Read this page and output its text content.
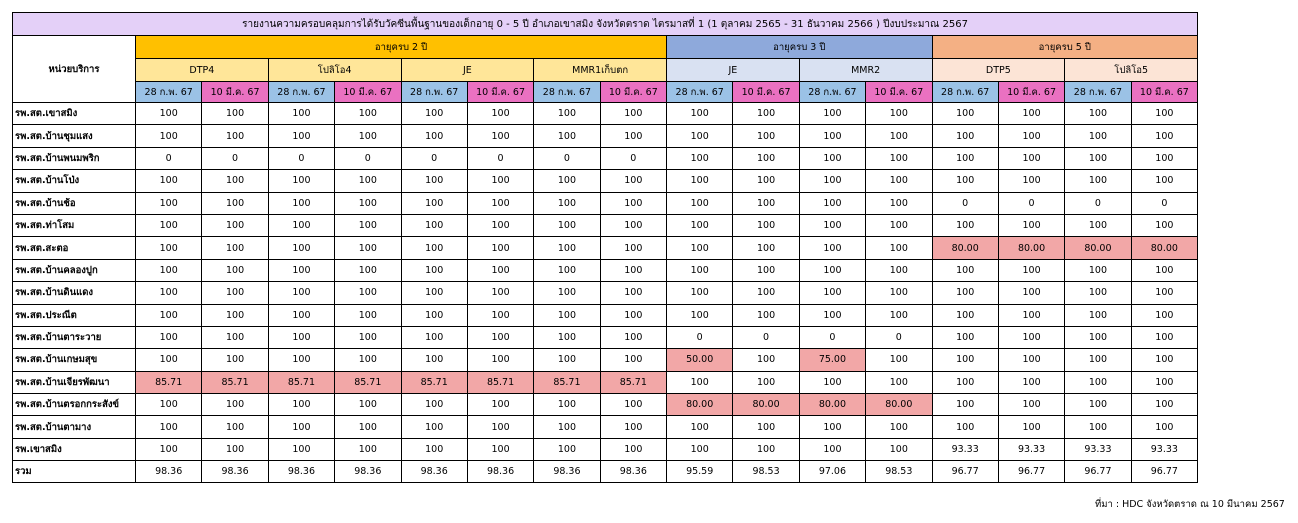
รายงานความครอบคลุมการได้รับวัคซีนพื้นฐานของเด็กอายุ 0 - 5 ปี อำเภอเขาสมิง จังหวัดตราด ไตรมาสที่ 1 (1 ตุลาคม 2565 - 31 ธันวาคม 2566 ) ปีงบประมาณ 2567																
หน่วยบริการ	อายุครบ 2 ปี								อายุครบ 3 ปี				อายุครบ 5 ปี			
	DTP4		โปลิโอ4		JE		MMR1เก็บตก		JE		MMR2		DTP5		โปลิโอ5	
	28 ก.พ. 67	10 มี.ค. 67	28 ก.พ. 67	10 มี.ค. 67	28 ก.พ. 67	10 มี.ค. 67	28 ก.พ. 67	10 มี.ค. 67	28 ก.พ. 67	10 มี.ค. 67	28 ก.พ. 67	10 มี.ค. 67	28 ก.พ. 67	10 มี.ค. 67	28 ก.พ. 67	10 มี.ค. 67
รพ.สต.เขาสมิง	100	100	100	100	100	100	100	100	100	100	100	100	100	100	100	100
รพ.สต.บ้านชุมแสง	100	100	100	100	100	100	100	100	100	100	100	100	100	100	100	100
รพ.สต.บ้านพนมพริก	0	0	0	0	0	0	0	0	100	100	100	100	100	100	100	100
รพ.สต.บ้านโป่ง	100	100	100	100	100	100	100	100	100	100	100	100	100	100	100	100
รพ.สต.บ้านช้อ	100	100	100	100	100	100	100	100	100	100	100	100	0	0	0	0
รพ.สต.ท่าโสม	100	100	100	100	100	100	100	100	100	100	100	100	100	100	100	100
รพ.สต.สะตอ	100	100	100	100	100	100	100	100	100	100	100	100	80.00	80.00	80.00	80.00
รพ.สต.บ้านคลองปูก	100	100	100	100	100	100	100	100	100	100	100	100	100	100	100	100
รพ.สต.บ้านดินแดง	100	100	100	100	100	100	100	100	100	100	100	100	100	100	100	100
รพ.สต.ประณีต	100	100	100	100	100	100	100	100	100	100	100	100	100	100	100	100
รพ.สต.บ้านตาระวาย	100	100	100	100	100	100	100	100	0	0	0	0	100	100	100	100
รพ.สต.บ้านเกษมสุข	100	100	100	100	100	100	100	100	50.00	100	75.00	100	100	100	100	100
รพ.สต.บ้านเจียรพัฒนา	85.71	85.71	85.71	85.71	85.71	85.71	85.71	85.71	100	100	100	100	100	100	100	100
รพ.สต.บ้านตรอกกระสังข์	100	100	100	100	100	100	100	100	80.00	80.00	80.00	80.00	100	100	100	100
รพ.สต.บ้านตามาง	100	100	100	100	100	100	100	100	100	100	100	100	100	100	100	100
รพ.เขาสมิง	100	100	100	100	100	100	100	100	100	100	100	100	93.33	93.33	93.33	93.33
รวม	98.36	98.36	98.36	98.36	98.36	98.36	98.36	98.36	95.59	98.53	97.06	98.53	96.77	96.77	96.77	96.77
ที่มา : HDC จังหวัดตราด ณ 10 มีนาคม 2567
